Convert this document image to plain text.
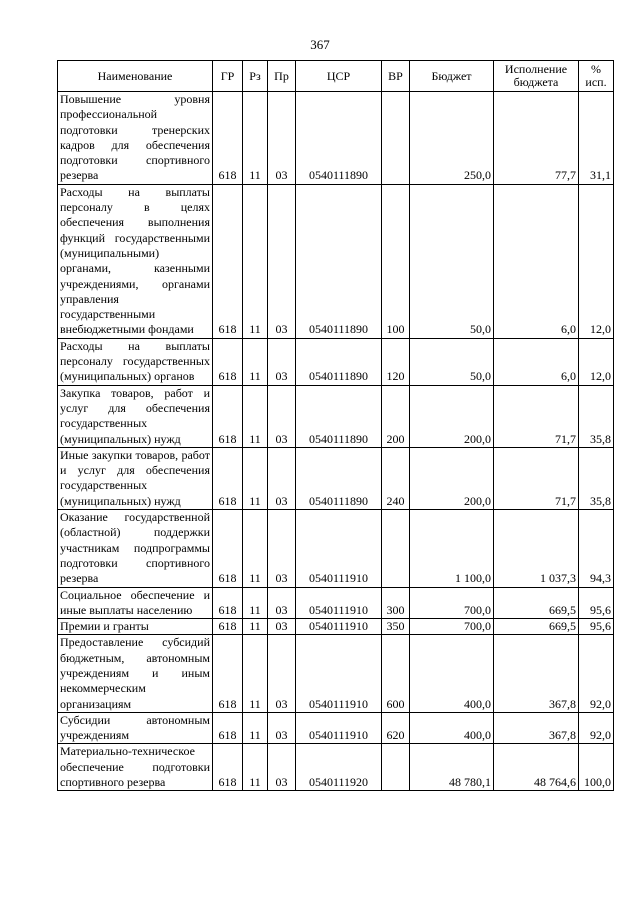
367
Наименование	ГР	Рз	Пр	ЦСР	ВР	Бюджет	Исполнение бюджета	% исп.
Повышение уровня профессиональной подготовки тренерских кадров для обеспечения подготовки спортивного резерва	618	11	03	0540111890		250,0	77,7	31,1
Расходы на выплаты персоналу в целях обеспечения выполнения функций государственными (муниципальными) органами, казенными учреждениями, органами управления государственными внебюджетными фондами	618	11	03	0540111890	100	50,0	6,0	12,0
Расходы на выплаты персоналу государственных (муниципальных) органов	618	11	03	0540111890	120	50,0	6,0	12,0
Закупка товаров, работ и услуг для обеспечения государственных (муниципальных) нужд	618	11	03	0540111890	200	200,0	71,7	35,8
Иные закупки товаров, работ и услуг для обеспечения государственных (муниципальных) нужд	618	11	03	0540111890	240	200,0	71,7	35,8
Оказание государственной (областной) поддержки участникам подпрограммы подготовки спортивного резерва	618	11	03	0540111910		1 100,0	1 037,3	94,3
Социальное обеспечение и иные выплаты населению	618	11	03	0540111910	300	700,0	669,5	95,6
Премии и гранты	618	11	03	0540111910	350	700,0	669,5	95,6
Предоставление субсидий бюджетным, автономным учреждениям и иным некоммерческим организациям	618	11	03	0540111910	600	400,0	367,8	92,0
Субсидии автономным учреждениям	618	11	03	0540111910	620	400,0	367,8	92,0
Материально-техническое обеспечение подготовки спортивного резерва	618	11	03	0540111920		48 780,1	48 764,6	100,0
